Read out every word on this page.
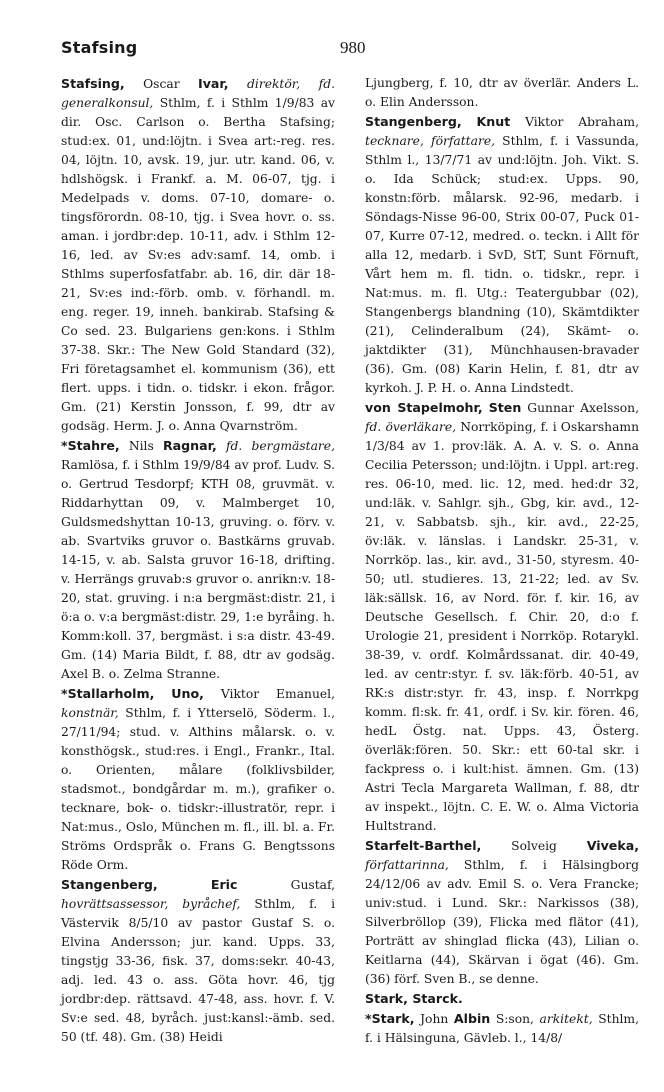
Stafsing	980

Stafsing, Oscar Ivar, direktör, fd. generalkonsul, Sthlm, f. i Sthlm 1/9/83 av dir. Osc. Carlson o. Bertha Stafsing; stud:ex. 01, und:löjtn. i Svea art:-reg. res. 04, löjtn. 10, avsk. 19, jur. utr. kand. 06, v. hdlshögsk. i Frankf. a. M. 06-07, tjg. i Medelpads v. doms. 07-10, domare- o. tingsförordn. 08-10, tjg. i Svea hovr. o. ss. aman. i jordbr:dep. 10-11, adv. i Sthlm 12-16, led. av Sv:es adv:samf. 14, omb. i Sthlms superfosfatfabr. ab. 16, dir. där 18-21, Sv:es ind:-förb. omb. v. förhandl. m. eng. reger. 19, inneh. bankirab. Stafsing & Co sed. 23. Bulgariens gen:kons. i Sthlm 37-38. Skr.: The New Gold Standard (32), Fri företagsamhet el. kommunism (36), ett flert. upps. i tidn. o. tidskr. i ekon. frågor. Gm. (21) Kerstin Jonsson, f. 99, dtr av godsäg. Herm. J. o. Anna Qvarnström.

*Stahre, Nils Ragnar, fd. bergmästare, Ramlösa, f. i Sthlm 19/9/84 av prof. Ludv. S. o. Gertrud Tesdorpf; KTH 08, gruvmät. v. Riddarhyttan 09, v. Malmberget 10, Guldsmedshyttan 10-13, gruving. o. förv. v. ab. Svartviks gruvor o. Bastkärns gruvab. 14-15, v. ab. Salsta gruvor 16-18, drifting. v. Herrängs gruvab:s gruvor o. anrikn:v. 18-20, stat. gruving. i n:a bergmäst:distr. 21, i ö:a o. v:a bergmäst:distr. 29, 1:e byråing. h. Komm:koll. 37, bergmäst. i s:a distr. 43-49. Gm. (14) Maria Bildt, f. 88, dtr av godsäg. Axel B. o. Zelma Stranne.

*Stallarholm, Uno, Viktor Emanuel, konstnär, Sthlm, f. i Ytterselö, Söderm. l., 27/11/94; stud. v. Althins målarsk. o. v. konsthögsk., stud:res. i Engl., Frankr., Ital. o. Orienten, målare (folklivsbilder, stadsmot., bondgårdar m. m.), grafiker o. tecknare, bok- o. tidskr:-illustratör, repr. i Nat:mus., Oslo, München m. fl., ill. bl. a. Fr. Ströms Ordspråk o. Frans G. Bengtssons Röde Orm.

Stangenberg,	Eric Gustaf, hovrättsassessor, byråchef, Sthlm, f. i Västervik 8/5/10 av pastor Gustaf S. o. Elvina Andersson; jur. kand. Upps. 33, tingstjg 33-36, fisk. 37, doms:sekr. 40-43, adj. led. 43 o. ass. Göta hovr. 46, tjg jordbr:dep. rättsavd. 47-48, ass. hovr. f. V. Sv:e sed. 48, byråch. just:kansl:-ämb. sed. 50 (tf. 48). Gm. (38) Heidi

Ljungberg, f. 10, dtr av överlär. Anders L. o. Elin Andersson.

Stangenberg, Knut Viktor Abraham, tecknare, författare, Sthlm, f. i Vassunda, Sthlm l., 13/7/71 av und:löjtn. Joh. Vikt. S. o. Ida Schück; stud:ex. Upps. 90, konstn:förb. målarsk. 92-96, medarb. i Söndags-Nisse 96-00, Strix 00-07, Puck 01-07, Kurre 07-12, medred. o. teckn. i Allt för alla 12, medarb. i SvD, StT, Sunt Förnuft, Vårt hem m. fl. tidn. o. tidskr., repr. i Nat:mus. m. fl. Utg.: Teatergubbar (02), Stangenbergs blandning (10), Skämtdikter (21), Celinderalbum (24), Skämt- o. jaktdikter (31), Münchhausen-bravader (36). Gm. (08) Karin Helin, f. 81, dtr av kyrkoh. J. P. H. o. Anna Lindstedt.

von Stapelmohr, Sten Gunnar Axelsson, fd. överläkare, Norrköping, f. i Oskarshamn 1/3/84 av 1. prov:läk. A. A. v. S. o. Anna Cecilia Petersson; und:löjtn. i Uppl. art:reg. res. 06-10, med. lic. 12, med. hed:dr 32, und:läk. v. Sahlgr. sjh., Gbg, kir. avd., 12-21, v. Sabbatsb. sjh., kir. avd., 22-25, öv:läk. v. länslas. i Landskr. 25-31, v. Norrköp. las., kir. avd., 31-50, styresm. 40-50; utl. studieres. 13, 21-22; led. av Sv. läk:sällsk. 16, av Nord. för. f. kir. 16, av Deutsche Gesellsch. f. Chir. 20, d:o f. Urologie 21, president i Norrköp. Rotarykl. 38-39, v. ordf. Kolmårdssanat. dir. 40-49, led. av centr:styr. f. sv. läk:förb. 40-51, av RK:s distr:styr. fr. 43, insp. f. Norrkpg komm. fl:sk. fr. 41, ordf. i Sv. kir. fören. 46, hedL Östg. nat. Upps. 43, Österg. överläk:fören. 50. Skr.: ett 60-tal skr. i fackpress o. i kult:hist. ämnen. Gm. (13) Astri Tecla Margareta Wallman, f. 88, dtr av inspekt., löjtn. C. E. W. o. Alma Victoria Hultstrand.

Starfelt-Barthel, Solveig Viveka, författarinna, Sthlm, f. i Hälsingborg 24/12/06 av adv. Emil S. o. Vera Francke; univ:stud. i Lund. Skr.: Narkissos (38), Silverbröllop (39), Flicka med flätor (41), Porträtt av shinglad flicka (43), Lilian o. Keitlarna (44), Skärvan i ögat (46). Gm. (36) förf. Sven B., se denne.

Stark, Starck.

*Stark, John Albin S:son, arkitekt, Sthlm, f. i Hälsinguna, Gävleb. l., 14/8/
